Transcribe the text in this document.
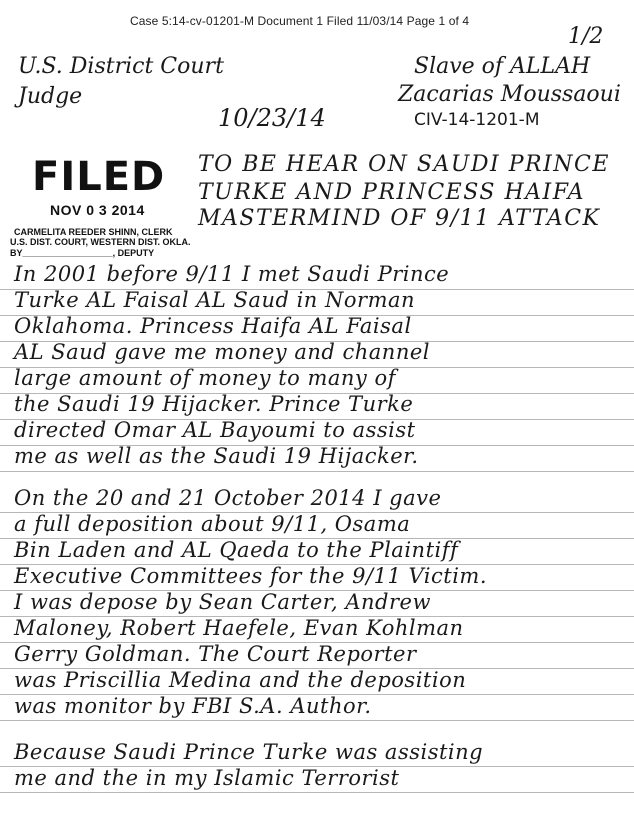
Case 5:14-cv-01201-M Document 1 Filed 11/03/14 Page 1 of 4
1/2
U.S. District Court
Judge
10/23/14
Slave of ALLAH
Zacarias Moussaoui
CIV-14-1201-M
FILED
NOV 0 3 2014
CARMELITA REEDER SHINN, CLERK
U.S. DIST. COURT, WESTERN DIST. OKLA.
BY__________________, DEPUTY
TO BE HEAR ON SAUDI PRINCE
TURKE AND PRINCESS HAIFA
MASTERMIND OF 9/11 ATTACK
In 2001 before 9/11 I met Saudi Prince
Turke AL Faisal AL Saud in Norman
Oklahoma. Princess Haifa AL Faisal
AL Saud gave me money and channel
large amount of money to many of
the Saudi 19 Hijacker. Prince Turke
directed Omar AL Bayoumi to assist
me as well as the Saudi 19 Hijacker.
On the 20 and 21 October 2014 I gave
a full deposition about 9/11, Osama
Bin Laden and AL Qaeda to the Plaintiff
Executive Committees for the 9/11 Victim.
I was depose by Sean Carter, Andrew
Maloney, Robert Haefele, Evan Kohlman
Gerry Goldman. The Court Reporter
was Priscillia Medina and the deposition
was monitor by FBI S.A. Author.
Because Saudi Prince Turke was assisting
me and the in my Islamic Terrorist
